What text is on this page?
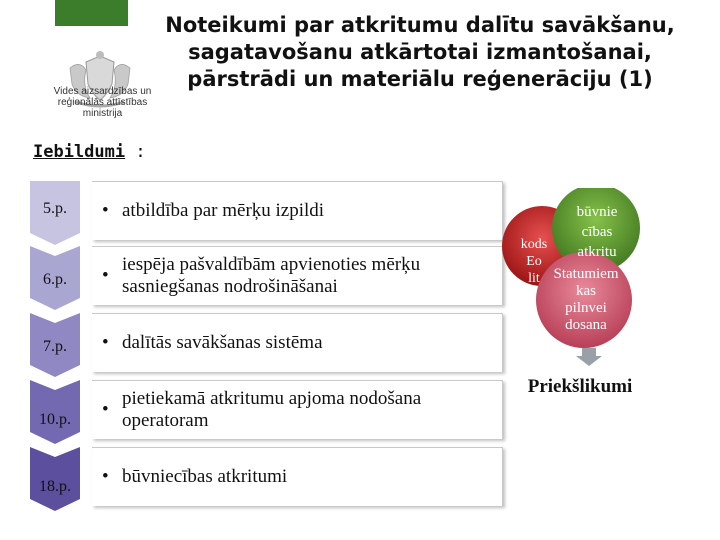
Vides aizsardzības un
reģionālās attīstības
ministrija
Noteikumi par atkritumu dalītu savākšanu, sagatavošanu atkārtotai izmantošanai, pārstrādi un materiālu reģenerāciju (1)
Iebildumi :
5.p.	• atbildība par mērķu izpildi
6.p.	•
iespēja pašvaldībām apvienoties mērķu sasniegšanas nodrošināšanai
7.p.	• dalītās savākšanas sistēma
10.p.	•
pietiekamā atkritumu apjoma nodošana operatoram
18.p.	• būvniecības atkritumi
kods
Eo
lit
būvnie
cības
atkritu
Statumiem
kas
pilnvei
dosana
Priekšlikumi
